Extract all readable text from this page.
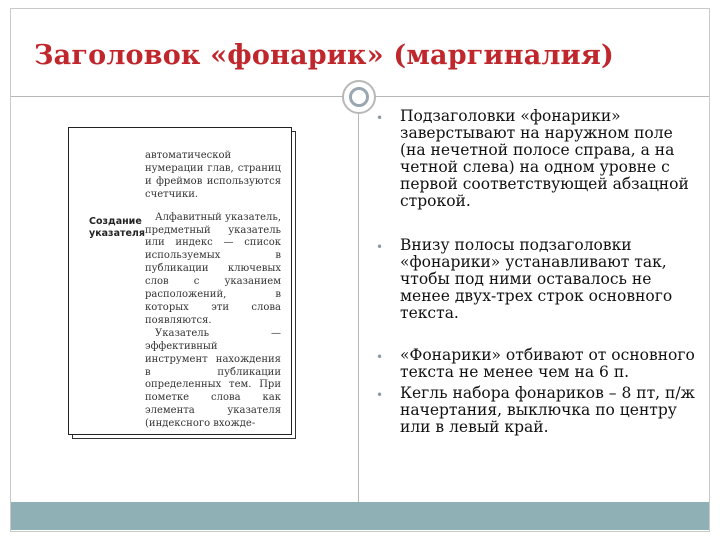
Заголовок «фонарик» (маргиналия)
Создание
указателя

автоматической нумерации глав, страниц и фреймов используются счетчики.

Алфавитный указатель, предметный указатель или индекс — список используемых в публикации ключевых слов с указанием расположений, в которых эти слова появляются.

Указатель — эффективный инструмент нахождения в публикации определенных тем. При пометке слова как элемента указателя (индексного вхожде-

• Подзаголовки «фонарики» заверстывают на наружном поле (на нечетной полосе справа, а на четной слева) на одном уровне с первой соответствующей абзацной строкой.
• Внизу полосы подзаголовки «фонарики» устанавливают так, чтобы под ними оставалось не менее двух-трех строк основного текста.
• «Фонарики» отбивают от основного текста не менее чем на 6 п.
• Кегль набора фонариков – 8 пт, п/ж начертания, выключка по центру или в левый край.
